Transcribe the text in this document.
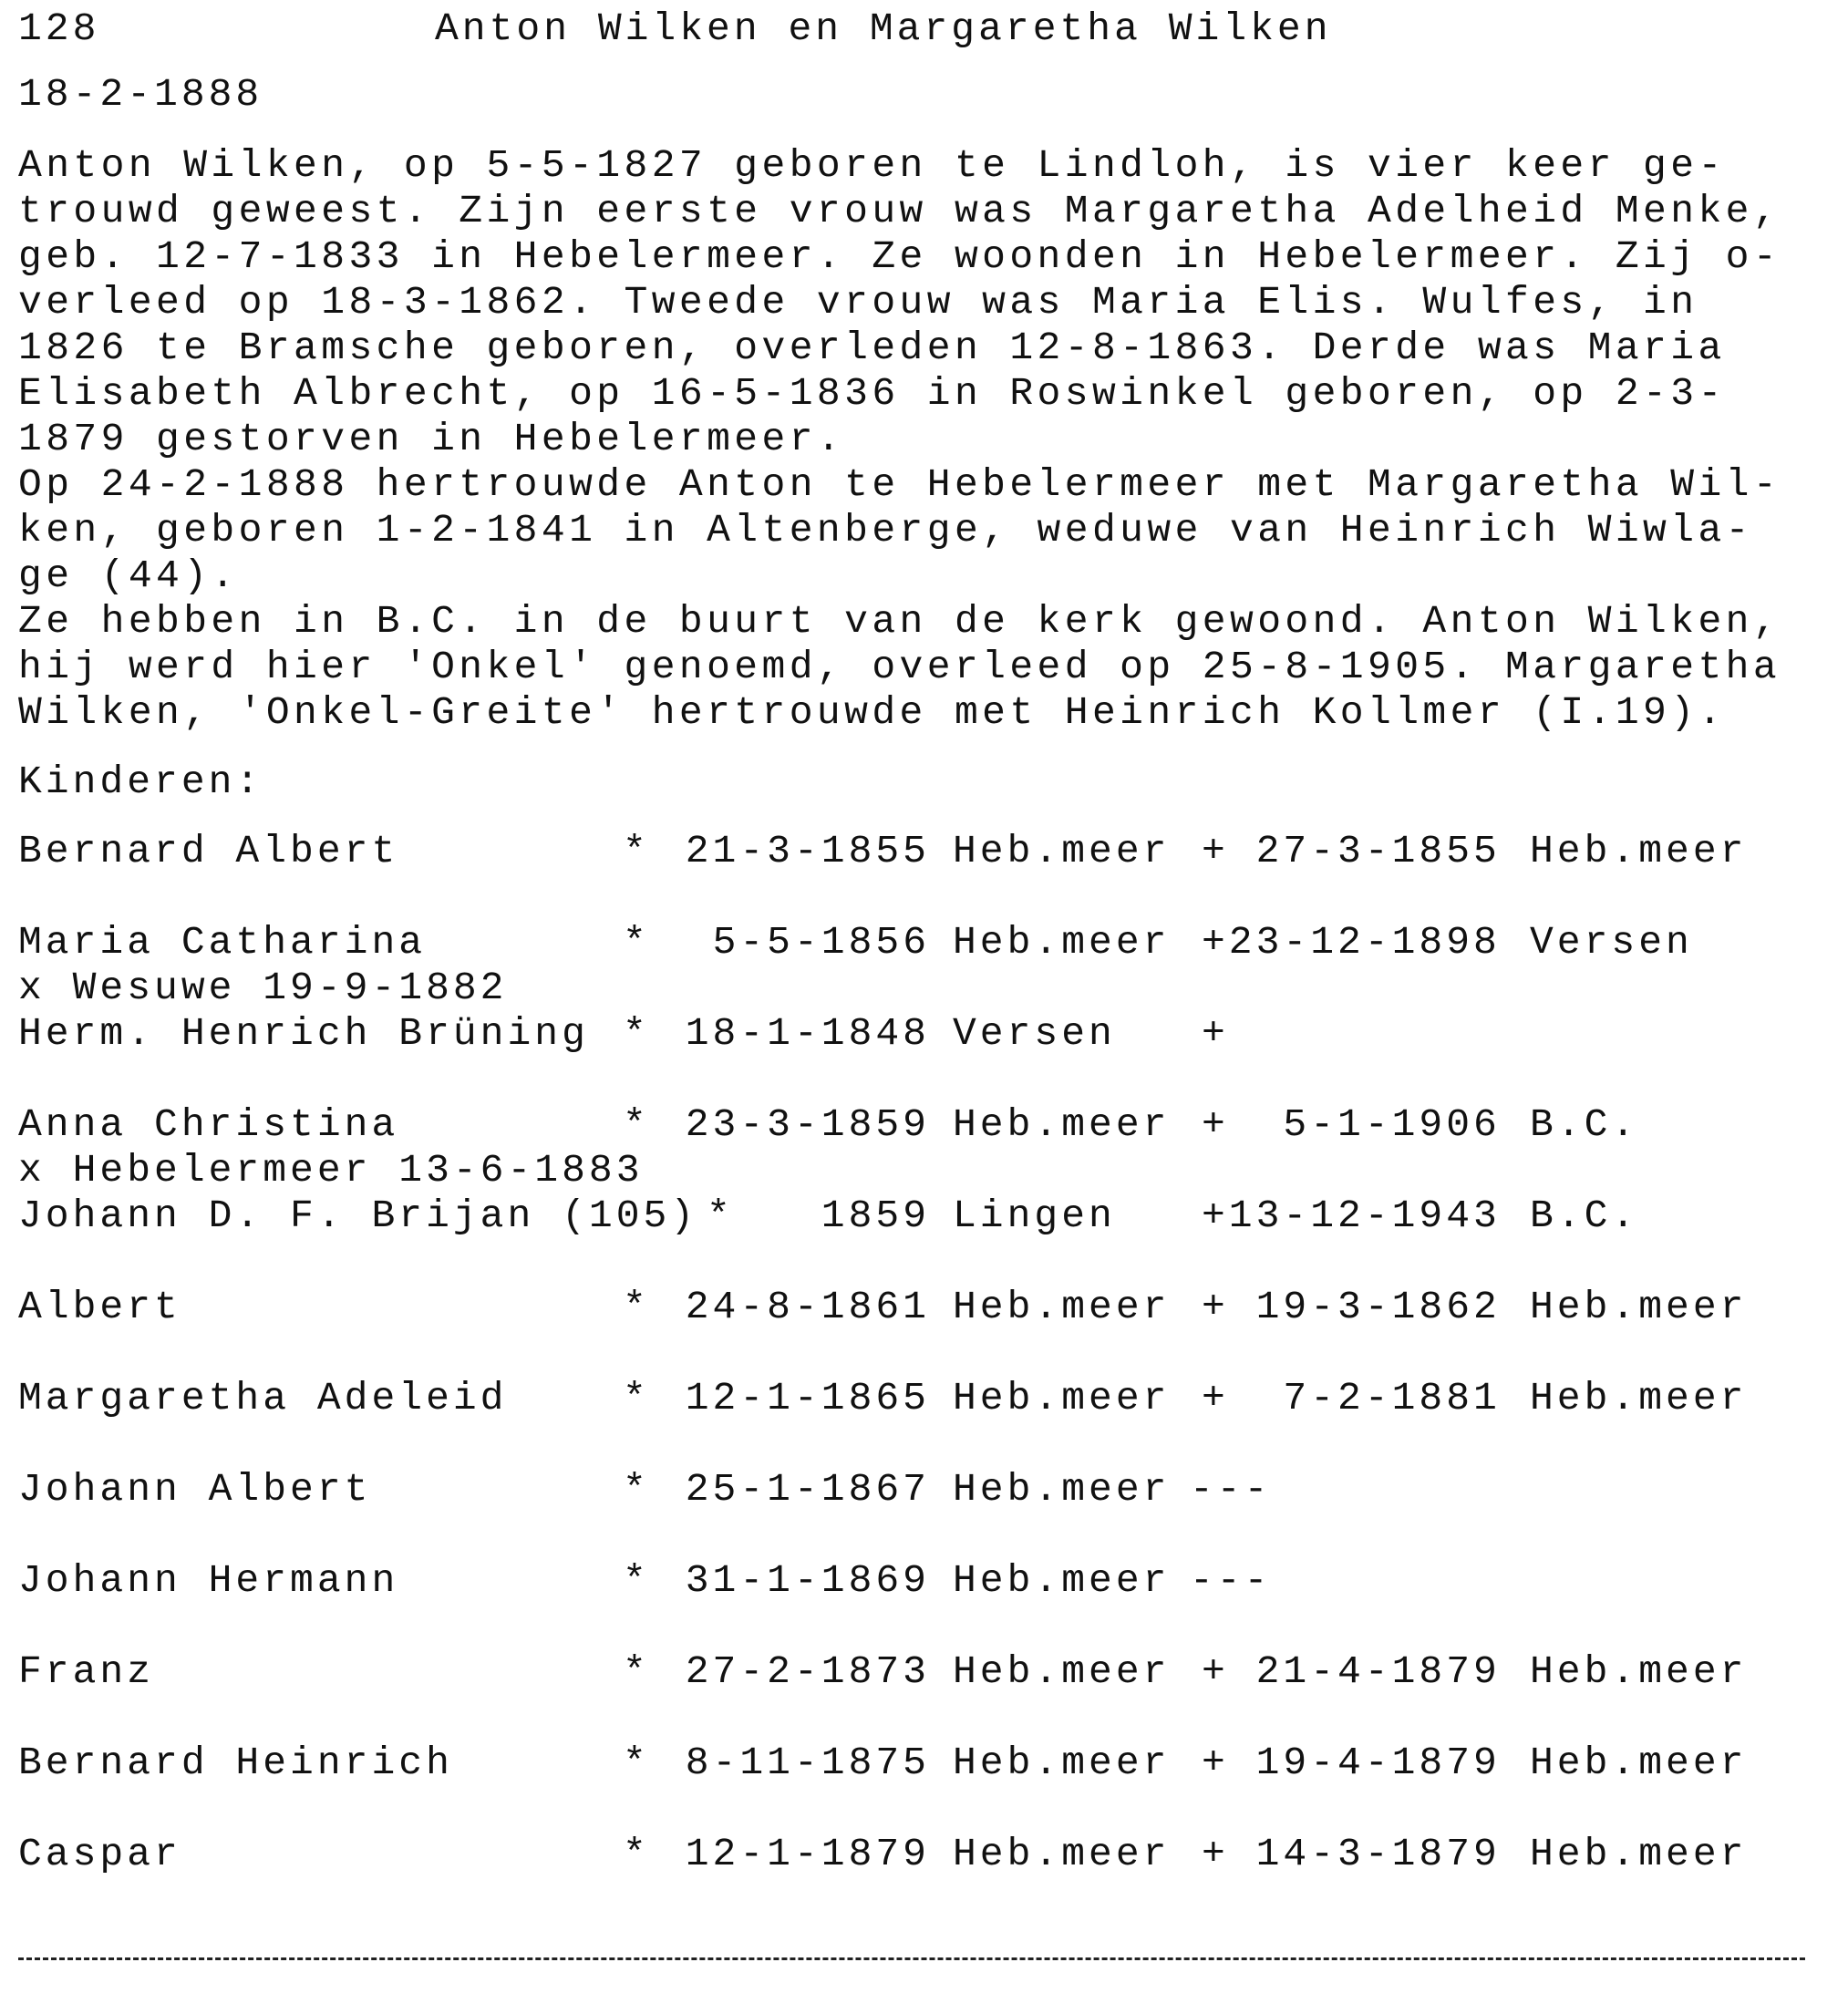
128	Anton Wilken en Margaretha Wilken
18-2-1888
Anton Wilken, op 5-5-1827 geboren te Lindloh, is vier keer ge-
trouwd geweest. Zijn eerste vrouw was Margaretha Adelheid Menke,
geb. 12-7-1833 in Hebelermeer. Ze woonden in Hebelermeer. Zij o-
verleed op 18-3-1862. Tweede vrouw was Maria Elis. Wulfes, in
1826 te Bramsche geboren, overleden 12-8-1863. Derde was Maria
Elisabeth Albrecht, op 16-5-1836 in Roswinkel geboren, op 2-3-
1879 gestorven in Hebelermeer.
Op 24-2-1888 hertrouwde Anton te Hebelermeer met Margaretha Wil-
ken, geboren 1-2-1841 in Altenberge, weduwe van Heinrich Wiwla-
ge (44).
Ze hebben in B.C. in de buurt van de kerk gewoond. Anton Wilken,
hij werd hier 'Onkel' genoemd, overleed op 25-8-1905. Margaretha
Wilken, 'Onkel-Greite' hertrouwde met Heinrich Kollmer (I.19).
Kinderen:
Bernard Albert	* 21-3-1855 Heb.meer + 27-3-1855 Heb.meer
Maria Catharina	*	5-5-1856 Heb.meer +23-12-1898 Versen
x Wesuwe 19-9-1882
Herm. Henrich Brüning * 18-1-1848 Versen +
Anna Christina	* 23-3-1859 Heb.meer +  5-1-1906 B.C.
x Hebelermeer 13-6-1883
Johann D. F. Brijan (105) *	1859 Lingen +13-12-1943 B.C.
Albert	* 24-8-1861 Heb.meer + 19-3-1862 Heb.meer
Margaretha Adeleid	* 12-1-1865 Heb.meer +  7-2-1881 Heb.meer
Johann Albert	* 25-1-1867 Heb.meer ---
Johann Hermann	* 31-1-1869 Heb.meer ---
Franz	* 27-2-1873 Heb.meer + 21-4-1879 Heb.meer
Bernard Heinrich	* 8-11-1875 Heb.meer + 19-4-1879 Heb.meer
Caspar	* 12-1-1879 Heb.meer + 14-3-1879 Heb.meer
